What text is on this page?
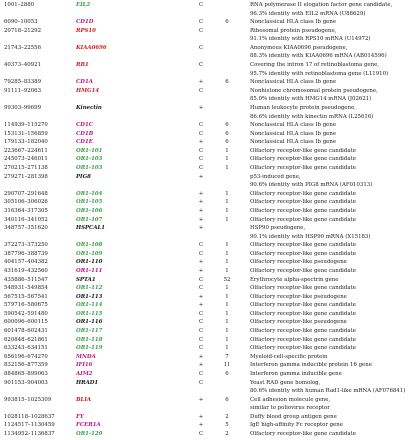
1001–2880	EIL2	C	RNA polymerase II elogation factor gene candidate,
96.3% identity with EIL2 mRNA (U88629)
6090–10053	CD1D	C	6	Nonclassical HLA class Ib gene
20718–21292	RPS10	C	Ribosomal protein pseudogene,
91.1% identity with RPS10 mRNA (U14972)
21743–22556	KIAA0696	C	Anonymous KIAA0696 pseudogene,
88.3% identity with KIAA0696 mRNA (AB014596)
40373–40921	RB1	C	Covering the intron 17 of retinoblastoma gene,
95.7% identity with retinoblastoma gene (L11910)
79285–83389	CD1A	+	6	Nonclassical HLA class Ib gene
91111–92063	HMG14	C	Nonhistone chromosomal protein pseudogene,
85.0% identity with HMG14 mRNA (J02621)
99303–99699	Kinectin	+	Human leukocyte protein pseudogene,
86.6% identity with kinectin mRNA (L25616)
114939–115270	CD1C	C	6	Nonclassical HLA class Ib gene
153131–156859	CD1B	C	6	Nonclassical HLA class Ib gene
179133–182040	CD1E	+	6	Nonclassical HLA class Ib gene
223667–224611	OR1-101	C	1	Olfactory receptor-like gene candidate
245073–246011	OR1-103	C	1	Olfactory receptor-like gene candidate
270215–271138	OR1-103	C	1	Olfactory receptor-like gene candidate
279271–281398	PIG8	+	p53-induced gene,
90.6% identity with PIG8 mRNA (AF010313)
290707–291648	OR1-104	+	1	Olfactory receptor-like gene candidate
305106–306026	OR1-105	+	1	Olfactory receptor-like gene candidate
316364–317305	OR1-106	+	1	Olfactory receptor-like gene candidate
340116–341052	OR1-107	+	1	Olfactory receptor-like gene candidate
348757–351620	HSPCAL1	+	HSP90 pseudogene,
90.1% identity with HSP90 mRNA (X15183)
372273–373250	OR1-108	C	1	Olfactory receptor-like gene candidate
387796–388739	OR1-109	C	1	Olfactory receptor-like gene candidate
404157–404382	OR1-110	+	1	Olfactory receptor-like pseudogene
431619–432560	OR1-111	+	1	Olfactory receptor-like gene candidate
435886–511547	SPTA1	C	52	Erythrocyte alpha-spectrin gene
548931–549854	OR1-112	C	1	Olfactory receptor-like gene candidate
567515–567541	OR1-113	+	1	Olfactory receptor-like pseudogene
579716–580675	OR1-114	+	1	Olfactory receptor-like gene candidate
590542–591480	OR1-115	C	1	Olfactory receptor-like gene candidate
600096–600115	OR1-116	C	1	Olfactory receptor-like pseudogene
601478–602431	OR1-117	C	1	Olfactory receptor-like gene candidate
620848–621861	OR1-118	C	1	Olfactory receptor-like gene candidate
633243–634151	OR1-119	C	1	Olfactory receptor-like gene candidate
656196–674270	MNDA	+	7	Myeloid-cell-specific protein
832156–877359	IFI16	+	11	Interferon gamma inducible protein 16 gene
884865–899063	AIM2	C	6	Interferon gamma inducible gene
901153–904003	HRAD1	C	Yeast RAD gene homolog,
80.6% identity with human Rad1-like mRNA (AF076841)
993815–1025309	BLIA	+	6	Cell adhesion molecule gene,
similar to poliovirus receptor
1028118–1028637	FY	+	2	Duffy blood group antigen gene
1124517–1130459	FCER1A	+	5	IgE high-affinity Fc receptor gene
1134952–1136837	OR1-120	C	2	Olfactory receptor-like gene candidate
